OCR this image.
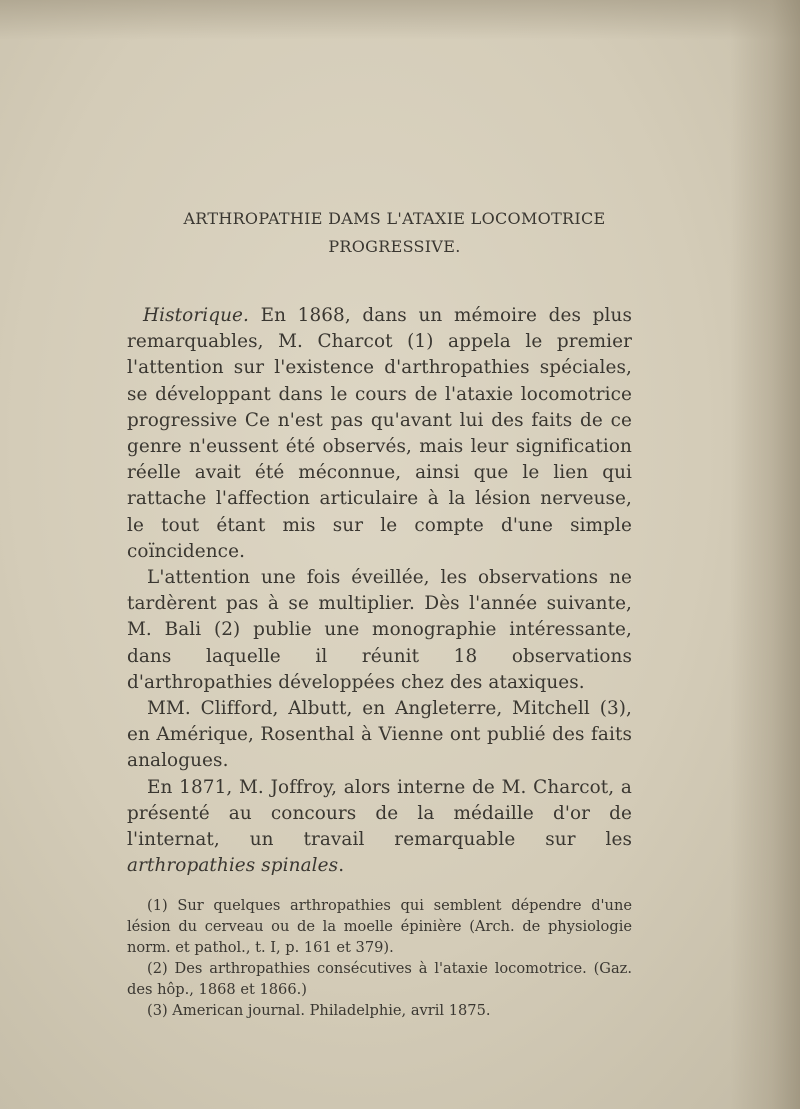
ARTHROPATHIE DAMS L'ATAXIE LOCOMOTRICE
PROGRESSIVE.

Historique. En 1868, dans un mémoire des plus remarquables, M. Charcot (1) appela le premier l'attention sur l'existence d'arthropathies spéciales, se développant dans le cours de l'ataxie locomotrice progressive Ce n'est pas qu'avant lui des faits de ce genre n'eussent été observés, mais leur signification réelle avait été méconnue, ainsi que le lien qui rattache l'affection articulaire à la lésion nerveuse, le tout étant mis sur le compte d'une simple coïncidence.

L'attention une fois éveillée, les observations ne tardèrent pas à se multiplier. Dès l'année suivante, M. Bali (2) publie une monographie intéressante, dans laquelle il réunit 18 observations d'arthropathies développées chez des ataxiques.

MM. Clifford, Albutt, en Angleterre, Mitchell (3), en Amérique, Rosenthal à Vienne ont publié des faits analogues.

En 1871, M. Joffroy, alors interne de M. Charcot, a présenté au concours de la médaille d'or de l'internat, un travail remarquable sur les arthropathies spinales.

(1) Sur quelques arthropathies qui semblent dépendre d'une lésion du cerveau ou de la moelle épinière (Arch. de physiologie norm. et pathol., t. I, p. 161 et 379).

(2) Des arthropathies consécutives à l'ataxie locomotrice. (Gaz. des hôp., 1868 et 1866.)

(3) American journal. Philadelphie, avril 1875.
